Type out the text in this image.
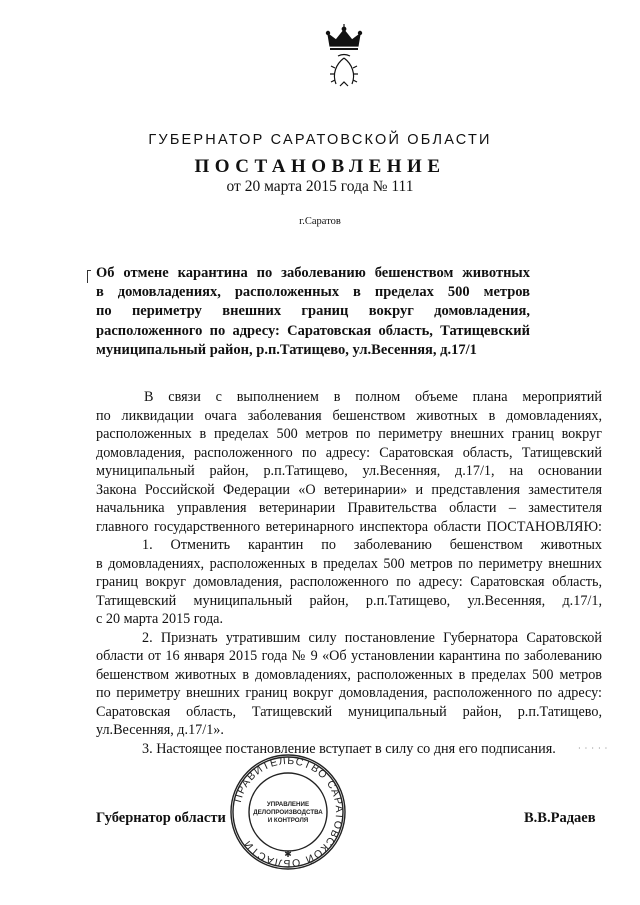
ГУБЕРНАТОР САРАТОВСКОЙ ОБЛАСТИ
ПОСТАНОВЛЕНИЕ
от 20 марта 2015 года № 111
г.Саратов
Об отмене карантина по заболеванию бешенством животных
в домовладениях, расположенных в пределах 500 метров
по периметру внешних границ вокруг домовладения,
расположенного по адресу: Саратовская область, Татищевский
муниципальный район, р.п.Татищево, ул.Весенняя, д.17/1
В связи с выполнением в полном объеме плана мероприятий
по ликвидации очага заболевания бешенством животных в домовладениях,
расположенных в пределах 500 метров по периметру внешних границ вокруг
домовладения, расположенного по адресу: Саратовская область, Татищевский
муниципальный район, р.п.Татищево, ул.Весенняя, д.17/1, на основании
Закона Российской Федерации «О ветеринарии» и представления заместителя
начальника управления ветеринарии Правительства области – заместителя
главного государственного ветеринарного инспектора области ПОСТАНОВЛЯЮ:
1. Отменить карантин по заболеванию бешенством животных
в домовладениях, расположенных в пределах 500 метров по периметру внешних
границ вокруг домовладения, расположенного по адресу: Саратовская область,
Татищевский муниципальный район, р.п.Татищево, ул.Весенняя, д.17/1,
с 20 марта 2015 года.
2. Признать утратившим силу постановление Губернатора Саратовской
области от 16 января 2015 года № 9 «Об установлении карантина по заболеванию
бешенством животных в домовладениях, расположенных в пределах 500 метров
по периметру внешних границ вокруг домовладения, расположенного по адресу:
Саратовская область, Татищевский муниципальный район, р.п.Татищево,
ул.Весенняя, д.17/1».
3. Настоящее постановление вступает в силу со дня его подписания.	· · · · ·
Губернатор области	В.В.Радаев
ПРАВИТЕЛЬСТВО САРАТОВСКОЙ ОБЛАСТИ
УПРАВЛЕНИЕ
ДЕЛОПРОИЗВОДСТВА
И КОНТРОЛЯ
✱
